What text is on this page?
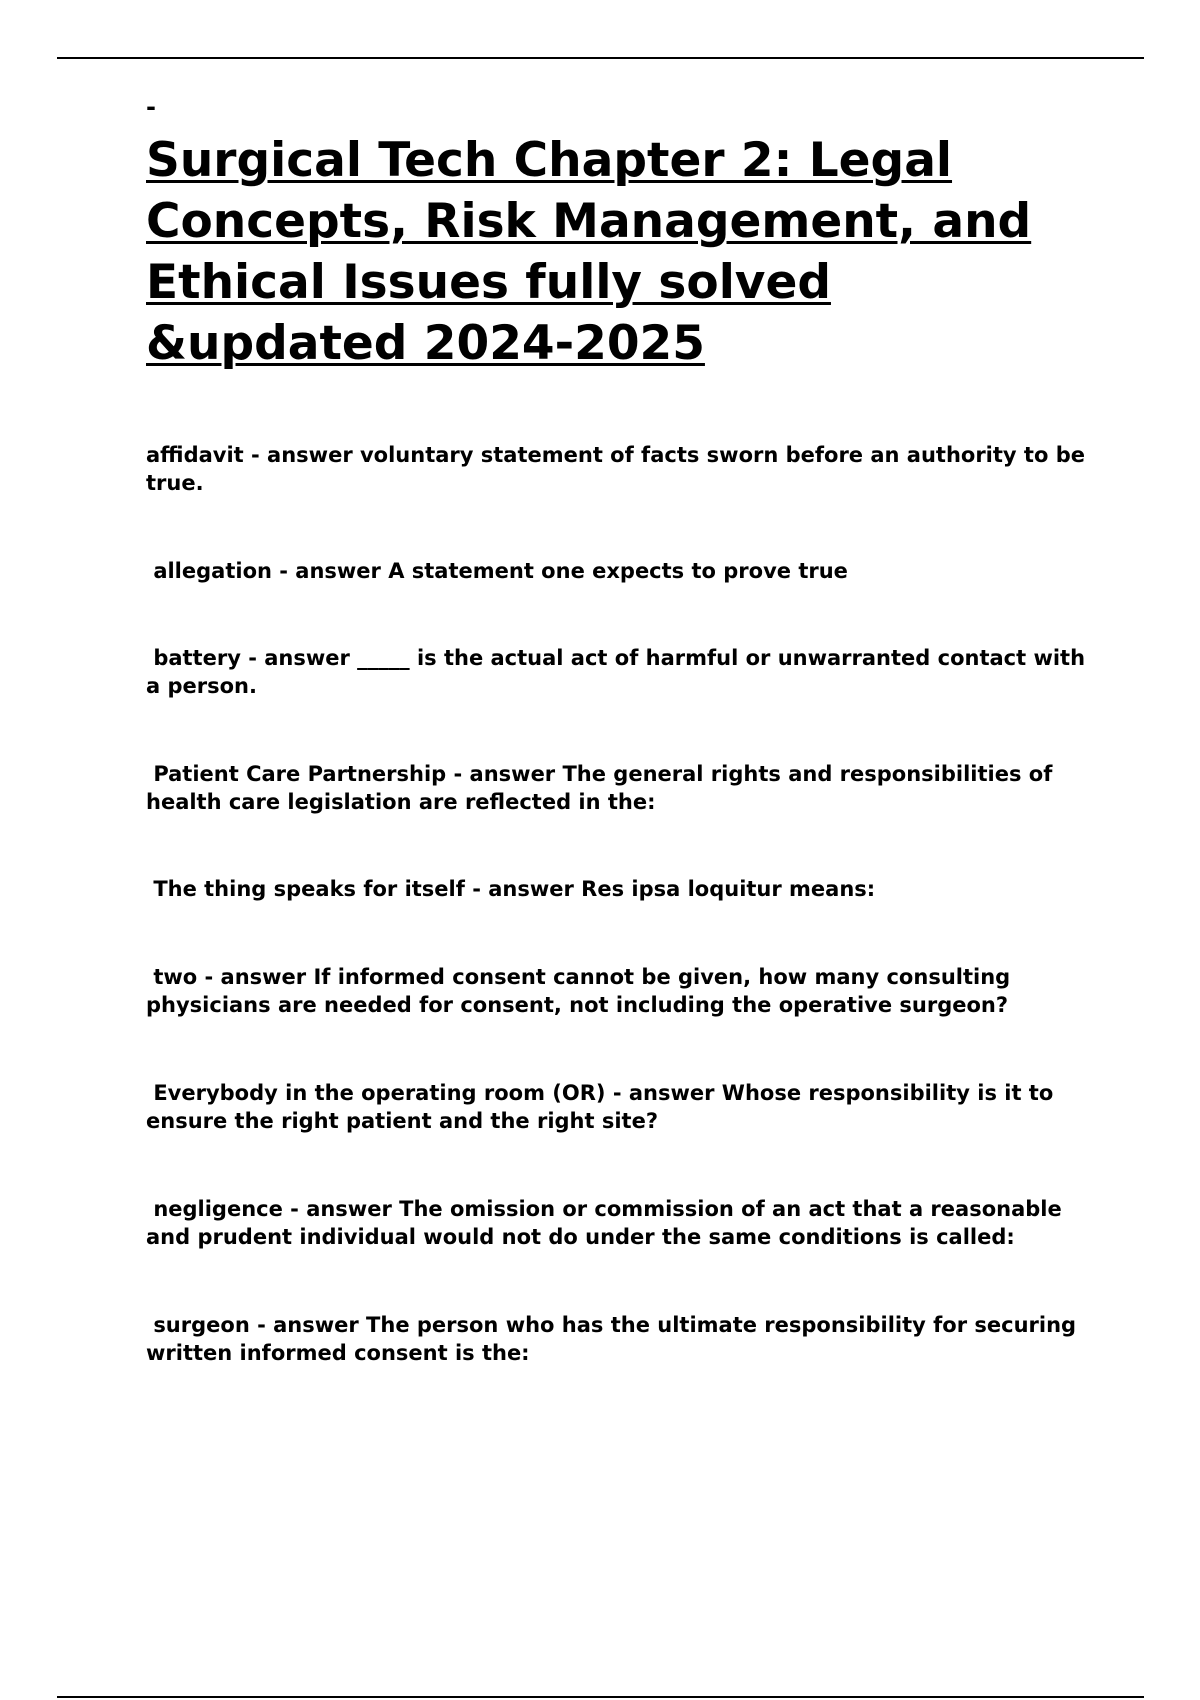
-
Surgical Tech Chapter 2: Legal Concepts, Risk Management, and Ethical Issues fully solved &updated 2024-2025

affidavit - answer voluntary statement of facts sworn before an authority to be true.

allegation - answer A statement one expects to prove true

battery - answer _____ is the actual act of harmful or unwarranted contact with a person.

Patient Care Partnership - answer The general rights and responsibilities of health care legislation are reflected in the:

The thing speaks for itself - answer Res ipsa loquitur means:

two - answer If informed consent cannot be given, how many consulting physicians are needed for consent, not including the operative surgeon?

Everybody in the operating room (OR) - answer Whose responsibility is it to ensure the right patient and the right site?

negligence - answer The omission or commission of an act that a reasonable and prudent individual would not do under the same conditions is called:

surgeon - answer The person who has the ultimate responsibility for securing written informed consent is the:
